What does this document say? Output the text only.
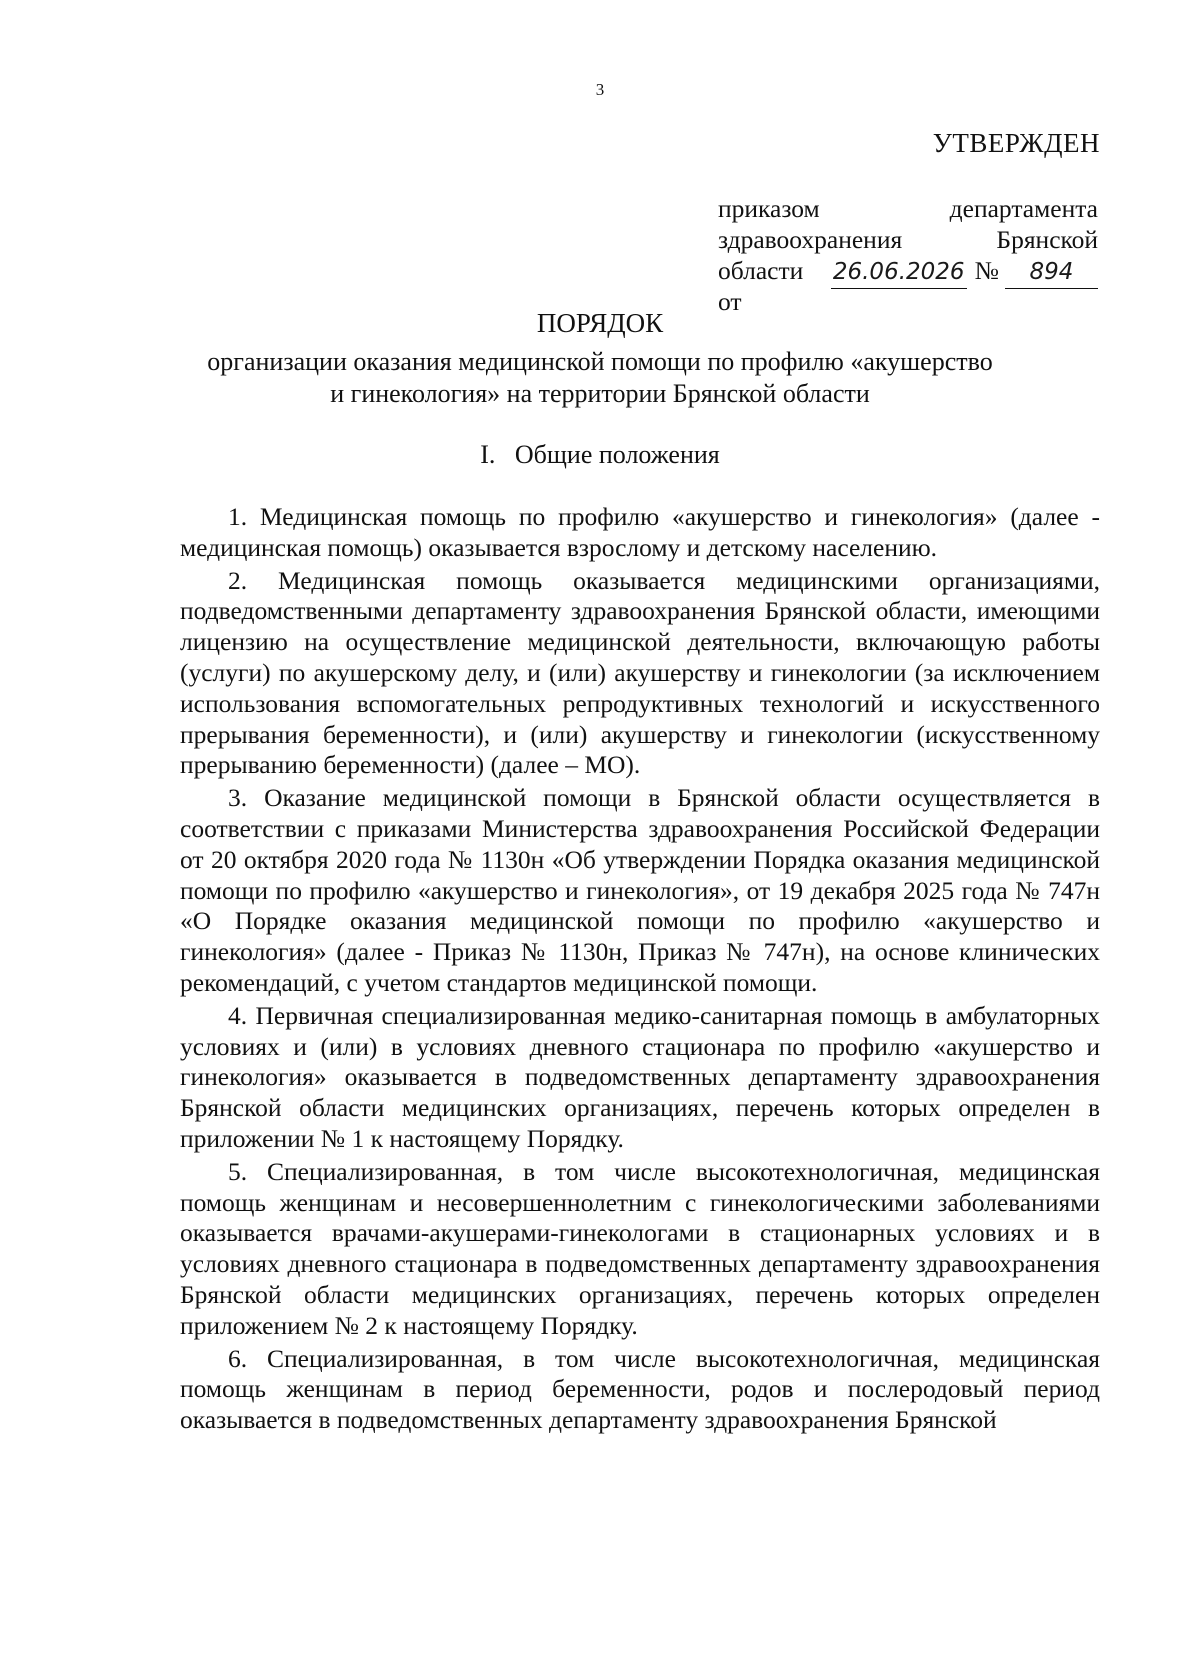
3
УТВЕРЖДЕН
приказом	департамента
здравоохранения	Брянской
области от
26.06.2026 №	894
ПОРЯДОК
организации оказания медицинской помощи по профилю «акушерство и гинекология» на территории Брянской области
I.   Общие положения

1. Медицинская помощь по профилю «акушерство и гинекология» (далее - медицинская помощь) оказывается взрослому и детскому населению.

2. Медицинская помощь оказывается медицинскими организациями, подведомственными департаменту здравоохранения Брянской области, имеющими лицензию на осуществление медицинской деятельности, включающую работы (услуги) по акушерскому делу, и (или) акушерству и гинекологии (за исключением использования вспомогательных репродуктивных технологий и искусственного прерывания беременности), и (или) акушерству и гинекологии (искусственному прерыванию беременности) (далее – МО).

3. Оказание медицинской помощи в Брянской области осуществляется в соответствии с приказами Министерства здравоохранения Российской Федерации от 20 октября 2020 года № 1130н «Об утверждении Порядка оказания медицинской помощи по профилю «акушерство и гинекология», от 19 декабря 2025 года № 747н «О Порядке оказания медицинской помощи по профилю «акушерство и гинекология» (далее - Приказ № 1130н, Приказ № 747н), на основе клинических рекомендаций, с учетом стандартов медицинской помощи.

4. Первичная специализированная медико-санитарная помощь в амбулаторных условиях и (или) в условиях дневного стационара по профилю «акушерство и гинекология» оказывается в подведомственных департаменту здравоохранения Брянской области медицинских организациях, перечень которых определен в приложении № 1 к настоящему Порядку.

5. Специализированная, в том числе высокотехнологичная, медицинская помощь женщинам и несовершеннолетним с гинекологическими заболеваниями оказывается врачами-акушерами-гинекологами в стационарных условиях и в условиях дневного стационара в подведомственных департаменту здравоохранения Брянской области медицинских организациях, перечень которых определен приложением № 2 к настоящему Порядку.

6. Специализированная, в том числе высокотехнологичная, медицинская помощь женщинам в период беременности, родов и послеродовый период оказывается в подведомственных департаменту здравоохранения Брянской
